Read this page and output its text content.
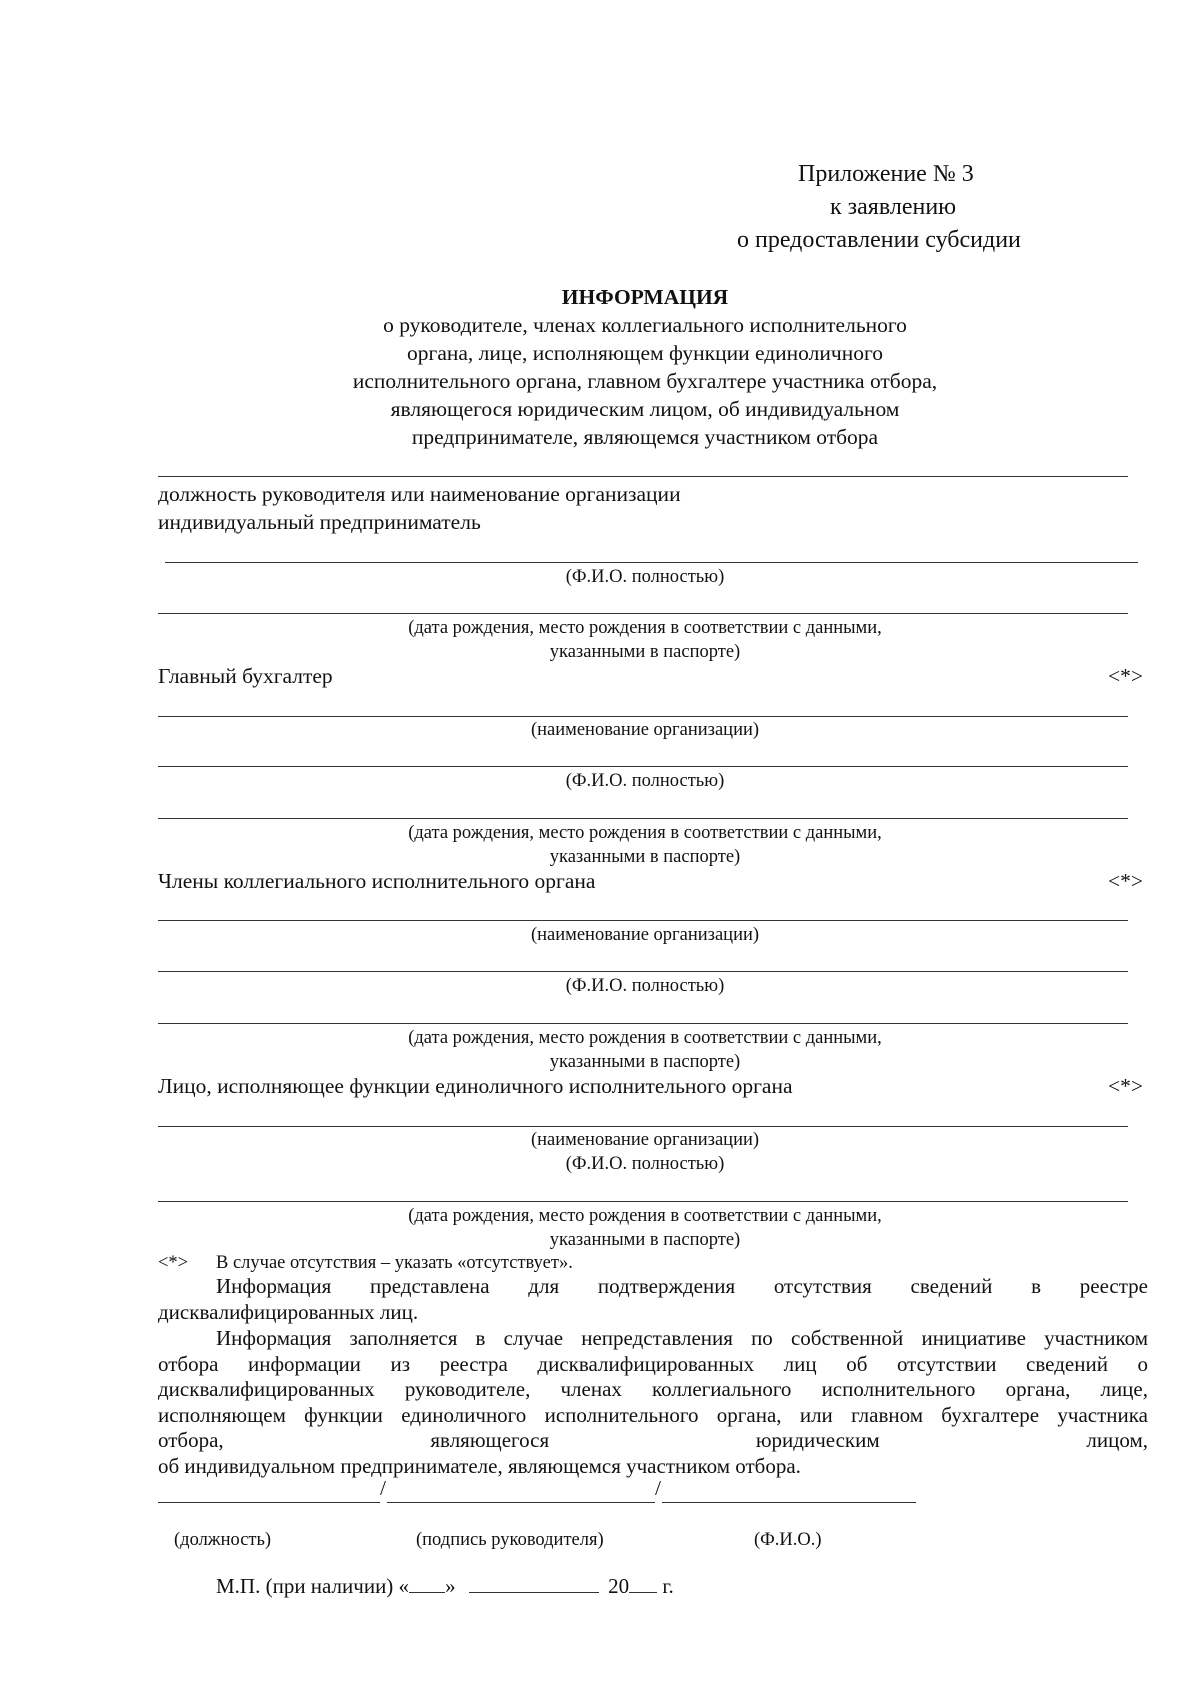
Приложение № 3
к заявлению
о предоставлении субсидии
ИНФОРМАЦИЯ
о руководителе, членах коллегиального исполнительного
органа, лице, исполняющем функции единоличного
исполнительного органа, главном бухгалтере участника отбора,
являющегося юридическим лицом, об индивидуальном
предпринимателе, являющемся участником отбора
должность руководителя или наименование организации
индивидуальный предприниматель
(Ф.И.О. полностью)
(дата рождения, место рождения в соответствии с данными,
указанными в паспорте)
Главный бухгалтер	<*>
(наименование организации)
(Ф.И.О. полностью)
(дата рождения, место рождения в соответствии с данными,
указанными в паспорте)
Члены коллегиального исполнительного органа	<*>
(наименование организации)
(Ф.И.О. полностью)
(дата рождения, место рождения в соответствии с данными,
указанными в паспорте)
Лицо, исполняющее функции единоличного исполнительного органа	<*>
(наименование организации)
(Ф.И.О. полностью)
(дата рождения, место рождения в соответствии с данными,
указанными в паспорте)
<*> В случае отсутствия – указать «отсутствует».
Информация представлена для подтверждения отсутствия сведений в реестре
дисквалифицированных лиц.
Информация заполняется в случае непредставления по собственной инициативе участником
отбора информации из реестра дисквалифицированных лиц об отсутствии сведений о
дисквалифицированных руководителе, членах коллегиального исполнительного органа, лице,
исполняющем функции единоличного исполнительного органа, или главном бухгалтере участника
отбора, являющегося юридическим лицом,
об индивидуальном предпринимателе, являющемся участником отбора.
/	/
(должность)	(подпись руководителя)	(Ф.И.О.)
М.П. (при наличии) « »	20 г.
